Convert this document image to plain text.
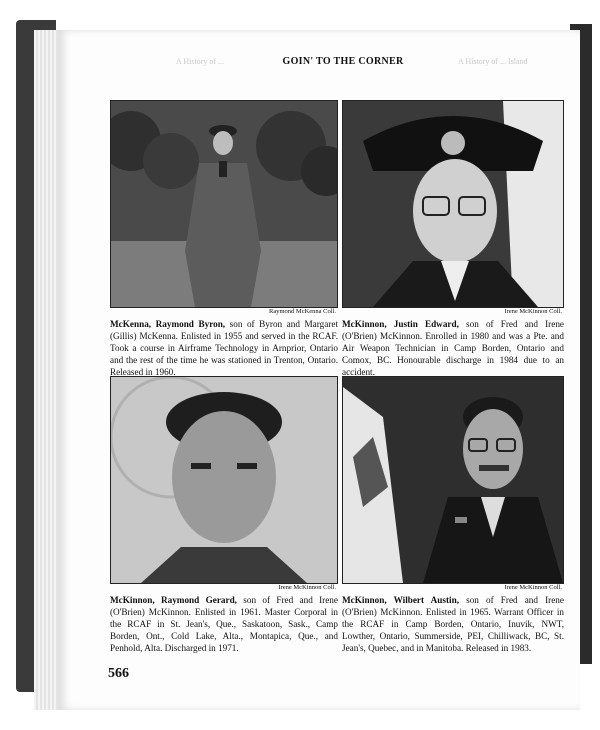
A History of ...	A History of ... Island
GOIN' TO THE CORNER
Raymond McKenna Coll.
McKenna, Raymond Byron, son of Byron and Margaret (Gillis) McKenna. Enlisted in 1955 and served in the RCAF. Took a course in Airframe Technology in Arnprior, Ontario and the rest of the time he was stationed in Trenton, Ontario. Released in 1960.
Irene McKinnon Coll.
McKinnon, Justin Edward, son of Fred and Irene (O'Brien) McKinnon. Enrolled in 1980 and was a Pte. and Air Weapon Technician in Camp Borden, Ontario and Comox, BC. Honourable discharge in 1984 due to an accident.
Irene McKinnon Coll.
McKinnon, Raymond Gerard, son of Fred and Irene (O'Brien) McKinnon. Enlisted in 1961. Master Corporal in the RCAF in St. Jean's, Que., Saskatoon, Sask., Camp Borden, Ont., Cold Lake, Alta., Montapica, Que., and Penhold, Alta. Discharged in 1971.
Irene McKinnon Coll.
McKinnon, Wilbert Austin, son of Fred and Irene (O'Brien) McKinnon. Enlisted in 1965. Warrant Officer in the RCAF in Camp Borden, Ontario, Inuvik, NWT, Lowther, Ontario, Summerside, PEI, Chilliwack, BC, St. Jean's, Quebec, and in Manitoba. Released in 1983.
566
